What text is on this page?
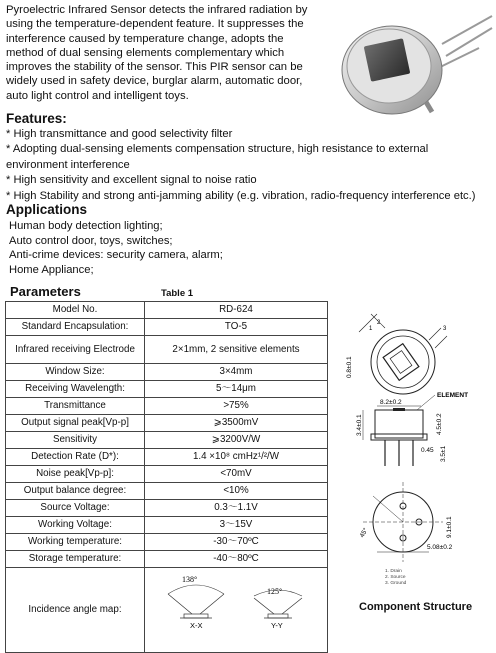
Pyroelectric Infrared Sensor detects the infrared radiation by using the temperature-dependent feature. It suppresses the interference caused by temperature change, adopts the method of dual sensing elements complementary which improves the stability of the sensor. This PIR sensor can be widely used in safety device, burglar alarm, automatic door, auto light control and intelligent toys.

Features:

* High transmittance and good selectivity filter
* Adopting dual-sensing elements compensation structure, high resistance to external environment interference
* High sensitivity and excellent signal to noise ratio
* High Stability and strong anti-jamming ability (e.g. vibration, radio-frequency interference etc.)

Applications

Human body detection lighting;
Auto control door, toys, switches;
Anti-crime devices: security camera, alarm;
Home Appliance;
Parameters	Table 1
Model No.	RD-624
Standard Encapsulation:	TO-5
Infrared receiving Electrode	2×1mm, 2 sensitive elements
Window Size:	3×4mm
Receiving Wavelength:	5～14μm
Transmittance	>75%
Output signal peak[Vp-p]	⩾3500mV
Sensitivity	⩾3200V/W
Detection Rate (D*):	1.4 ×10⁸ cmHz¹/²/W
Noise peak[Vp-p]:	<70mV
Output balance degree:	<10%
Source Voltage:	0.3～1.1V
Working Voltage:	3～15V
Working temperature:	-30～70ºC
Storage temperature:	-40～80ºC
Incidence angle map:	138°
X-X
125°
Y-Y
0.8±0.1
1
2
3
ELEMENT
8.2±0.2
3.4±0.1	4.5±0.2
0.45 3.5±1
45°	9.1±0.1
5.08±0.2
1. Drain
2. Source
3. Ground
Component Structure
